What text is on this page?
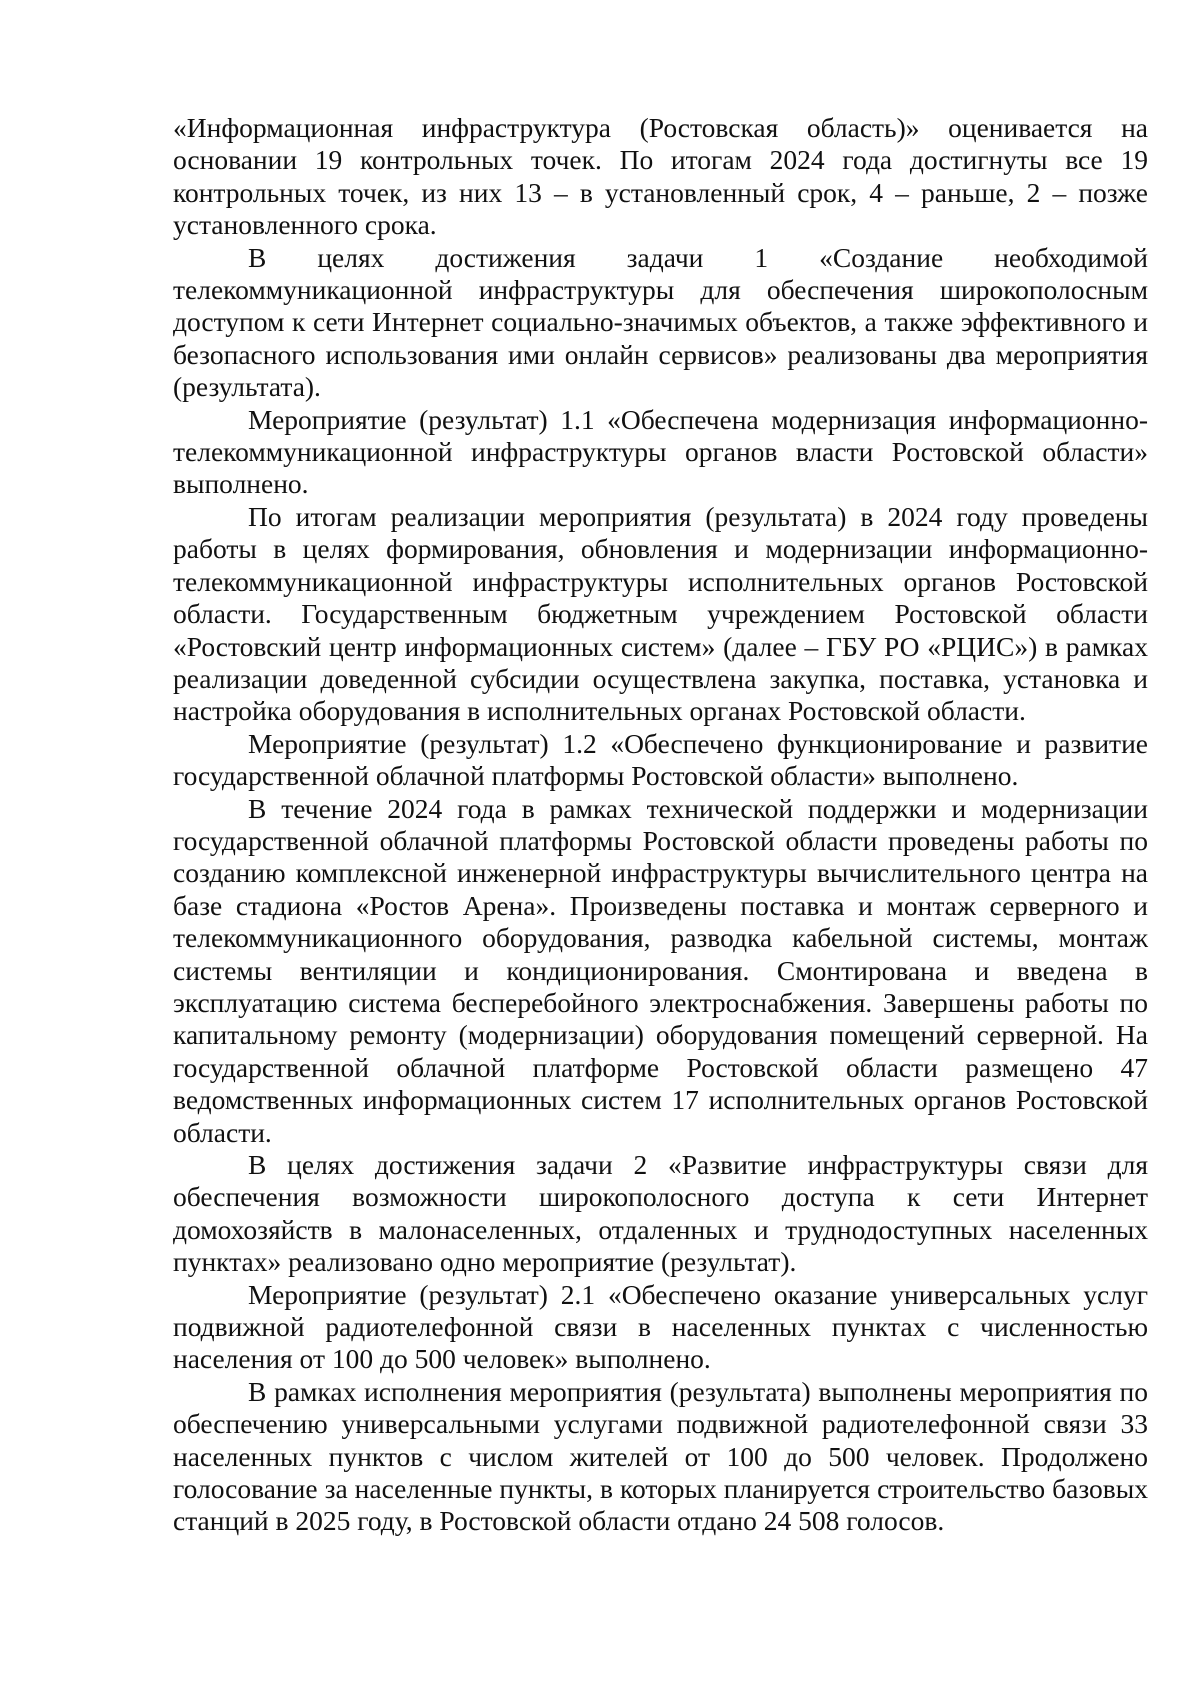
«Информационная инфраструктура (Ростовская область)» оценивается на основании 19 контрольных точек. По итогам 2024 года достигнуты все 19 контрольных точек, из них 13 – в установленный срок, 4 – раньше, 2 – позже установленного срока.

В целях достижения задачи 1 «Создание необходимой телекоммуникационной инфраструктуры для обеспечения широкополосным доступом к сети Интернет социально-значимых объектов, а также эффективного и безопасного использования ими онлайн сервисов» реализованы два мероприятия (результата).

Мероприятие (результат) 1.1 «Обеспечена модернизация информационно-телекоммуникационной инфраструктуры органов власти Ростовской области» выполнено.

По итогам реализации мероприятия (результата) в 2024 году проведены работы в целях формирования, обновления и модернизации информационно-телекоммуникационной инфраструктуры исполнительных органов Ростовской области. Государственным бюджетным учреждением Ростовской области «Ростовский центр информационных систем» (далее – ГБУ РО «РЦИС») в рамках реализации доведенной субсидии осуществлена закупка, поставка, установка и настройка оборудования в исполнительных органах Ростовской области.

Мероприятие (результат) 1.2 «Обеспечено функционирование и развитие государственной облачной платформы Ростовской области» выполнено.

В течение 2024 года в рамках технической поддержки и модернизации государственной облачной платформы Ростовской области проведены работы по созданию комплексной инженерной инфраструктуры вычислительного центра на базе стадиона «Ростов Арена». Произведены поставка и монтаж серверного и телекоммуникационного оборудования, разводка кабельной системы, монтаж системы вентиляции и кондиционирования. Смонтирована и введена в эксплуатацию система бесперебойного электроснабжения. Завершены работы по капитальному ремонту (модернизации) оборудования помещений серверной. На государственной облачной платформе Ростовской области размещено 47 ведомственных информационных систем 17 исполнительных органов Ростовской области.

В целях достижения задачи 2 «Развитие инфраструктуры связи для обеспечения возможности широкополосного доступа к сети Интернет домохозяйств в малонаселенных, отдаленных и труднодоступных населенных пунктах» реализовано одно мероприятие (результат).

Мероприятие (результат) 2.1 «Обеспечено оказание универсальных услуг подвижной радиотелефонной связи в населенных пунктах с численностью населения от 100 до 500 человек» выполнено.

В рамках исполнения мероприятия (результата) выполнены мероприятия по обеспечению универсальными услугами подвижной радиотелефонной связи 33 населенных пунктов с числом жителей от 100 до 500 человек. Продолжено голосование за населенные пункты, в которых планируется строительство базовых станций в 2025 году, в Ростовской области отдано 24 508 голосов.
